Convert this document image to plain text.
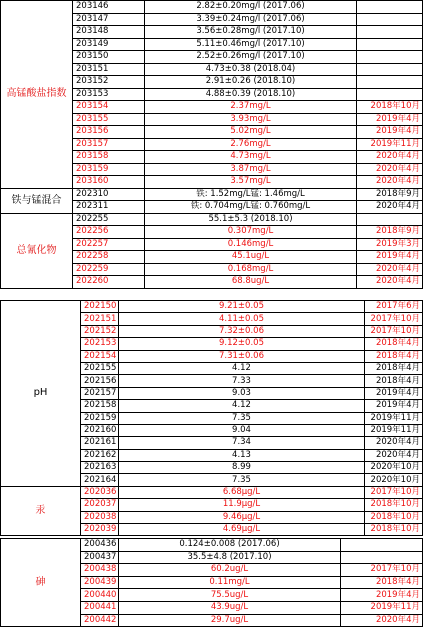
高锰酸盐指数	203146	2.82±0.20mg/l (2017.06)	
	203147	3.39±0.24mg/l (2017.06)	
	203148	3.56±0.28mg/l (2017.10)	
	203149	5.11±0.46mg/l (2017.10)	
	203150	2.52±0.26mg/l (2017.10)	
	203151	4.73±0.38 (2018.04)	
	203152	2.91±0.26 (2018.10)	
	203153	4.88±0.39 (2018.10)	
	203154	2.37mg/L	2018年10月
	203155	3.93mg/L	2019年4月
	203156	5.02mg/L	2019年4月
	203157	2.76mg/L	2019年11月
	203158	4.73mg/L	2020年4月
	203159	3.87mg/L	2020年4月
	203160	3.57mg/L	2020年4月
铁与锰混合	202310	铁: 1.52mg/L锰: 1.46mg/L	2018年9月
	202311	铁: 0.704mg/L锰: 0.760mg/L	2020年4月
总氰化物	202255	55.1±5.3 (2018.10)	
	202256	0.307mg/L	2018年9月
	202257	0.146mg/L	2019年3月
	202258	45.1ug/L	2019年4月
	202259	0.168mg/L	2020年4月
	202260	68.8ug/L	2020年4月
pH	202150	9.21±0.05	2017年6月
	202151	4.11±0.05	2017年10月
	202152	7.32±0.06	2017年10月
	202153	9.12±0.05	2018年4月
	202154	7.31±0.06	2018年4月
	202155	4.12	2018年4月
	202156	7.33	2018年4月
	202157	9.03	2019年4月
	202158	4.12	2019年4月
	202159	7.35	2019年11月
	202160	9.04	2019年11月
	202161	7.34	2020年4月
	202162	4.13	2020年4月
	202163	8.99	2020年10月
	202164	7.35	2020年10月
汞	202036	6.68μg/L	2017年10月
	202037	11.9μg/L	2018年10月
	202038	9.46μg/L	2018年10月
	202039	4.69μg/L	2018年10月
砷	200436	0.124±0.008 (2017.06)	
	200437	35.5±4.8 (2017.10)	
	200438	60.2ug/L	2017年10月
	200439	0.11mg/L	2018年4月
	200440	75.5ug/L	2019年4月
	200441	43.9ug/L	2019年11月
	200442	29.7ug/L	2020年4月
